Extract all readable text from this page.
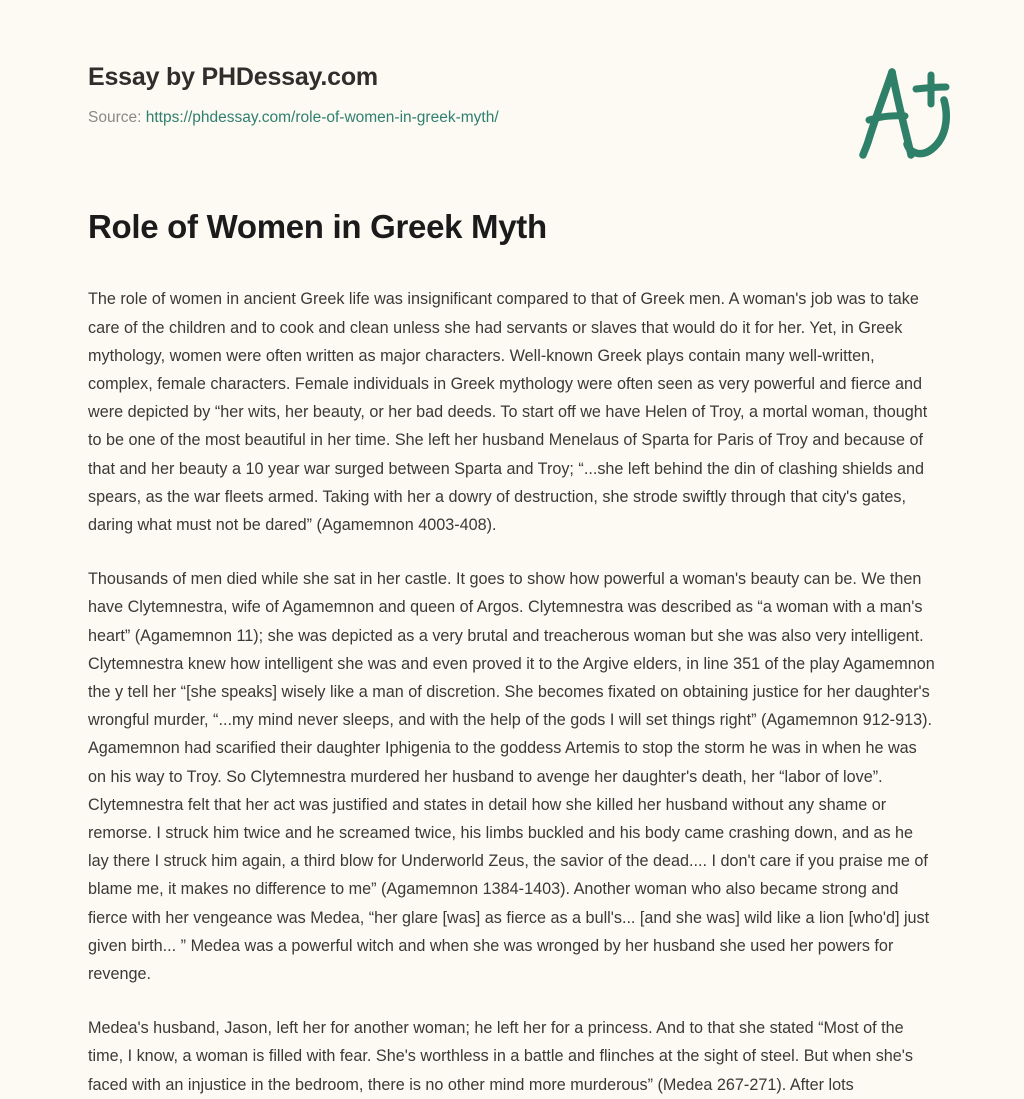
Essay by PHDessay.com
Source: https://phdessay.com/role-of-women-in-greek-myth/
Role of Women in Greek Myth

The role of women in ancient Greek life was insignificant compared to that of Greek men. A woman's job was to take care of the children and to cook and clean unless she had servants or slaves that would do it for her. Yet, in Greek mythology, women were often written as major characters. Well-known Greek plays contain many well-written, complex, female characters. Female individuals in Greek mythology were often seen as very powerful and fierce and were depicted by “her wits, her beauty, or her bad deeds. To start off we have Helen of Troy, a mortal woman, thought to be one of the most beautiful in her time. She left her husband Menelaus of Sparta for Paris of Troy and because of that and her beauty a 10 year war surged between Sparta and Troy; “...she left behind the din of clashing shields and spears, as the war fleets armed. Taking with her a dowry of destruction, she strode swiftly through that city's gates, daring what must not be dared” (Agamemnon 4003-408).

Thousands of men died while she sat in her castle. It goes to show how powerful a woman's beauty can be. We then have Clytemnestra, wife of Agamemnon and queen of Argos. Clytemnestra was described as “a woman with a man's heart” (Agamemnon 11); she was depicted as a very brutal and treacherous woman but she was also very intelligent. Clytemnestra knew how intelligent she was and even proved it to the Argive elders, in line 351 of the play Agamemnon the y tell her “[she speaks] wisely like a man of discretion. She becomes fixated on obtaining justice for her daughter's wrongful murder, “...my mind never sleeps, and with the help of the gods I will set things right” (Agamemnon 912-913). Agamemnon had scarified their daughter Iphigenia to the goddess Artemis to stop the storm he was in when he was on his way to Troy. So Clytemnestra murdered her husband to avenge her daughter's death, her “labor of love”. Clytemnestra felt that her act was justified and states in detail how she killed her husband without any shame or remorse. I struck him twice and he screamed twice, his limbs buckled and his body came crashing down, and as he lay there I struck him again, a third blow for Underworld Zeus, the savior of the dead.... I don't care if you praise me of blame me, it makes no difference to me” (Agamemnon 1384-1403). Another woman who also became strong and fierce with her vengeance was Medea, “her glare [was] as fierce as a bull's... [and she was] wild like a lion [who'd] just given birth... ” Medea was a powerful witch and when she was wronged by her husband she used her powers for revenge.

Medea's husband, Jason, left her for another woman; he left her for a princess. And to that she stated “Most of the time, I know, a woman is filled with fear. She's worthless in a battle and flinches at the sight of steel. But when she's faced with an injustice in the bedroom, there is no other mind more murderous” (Medea 267-271). After lots
